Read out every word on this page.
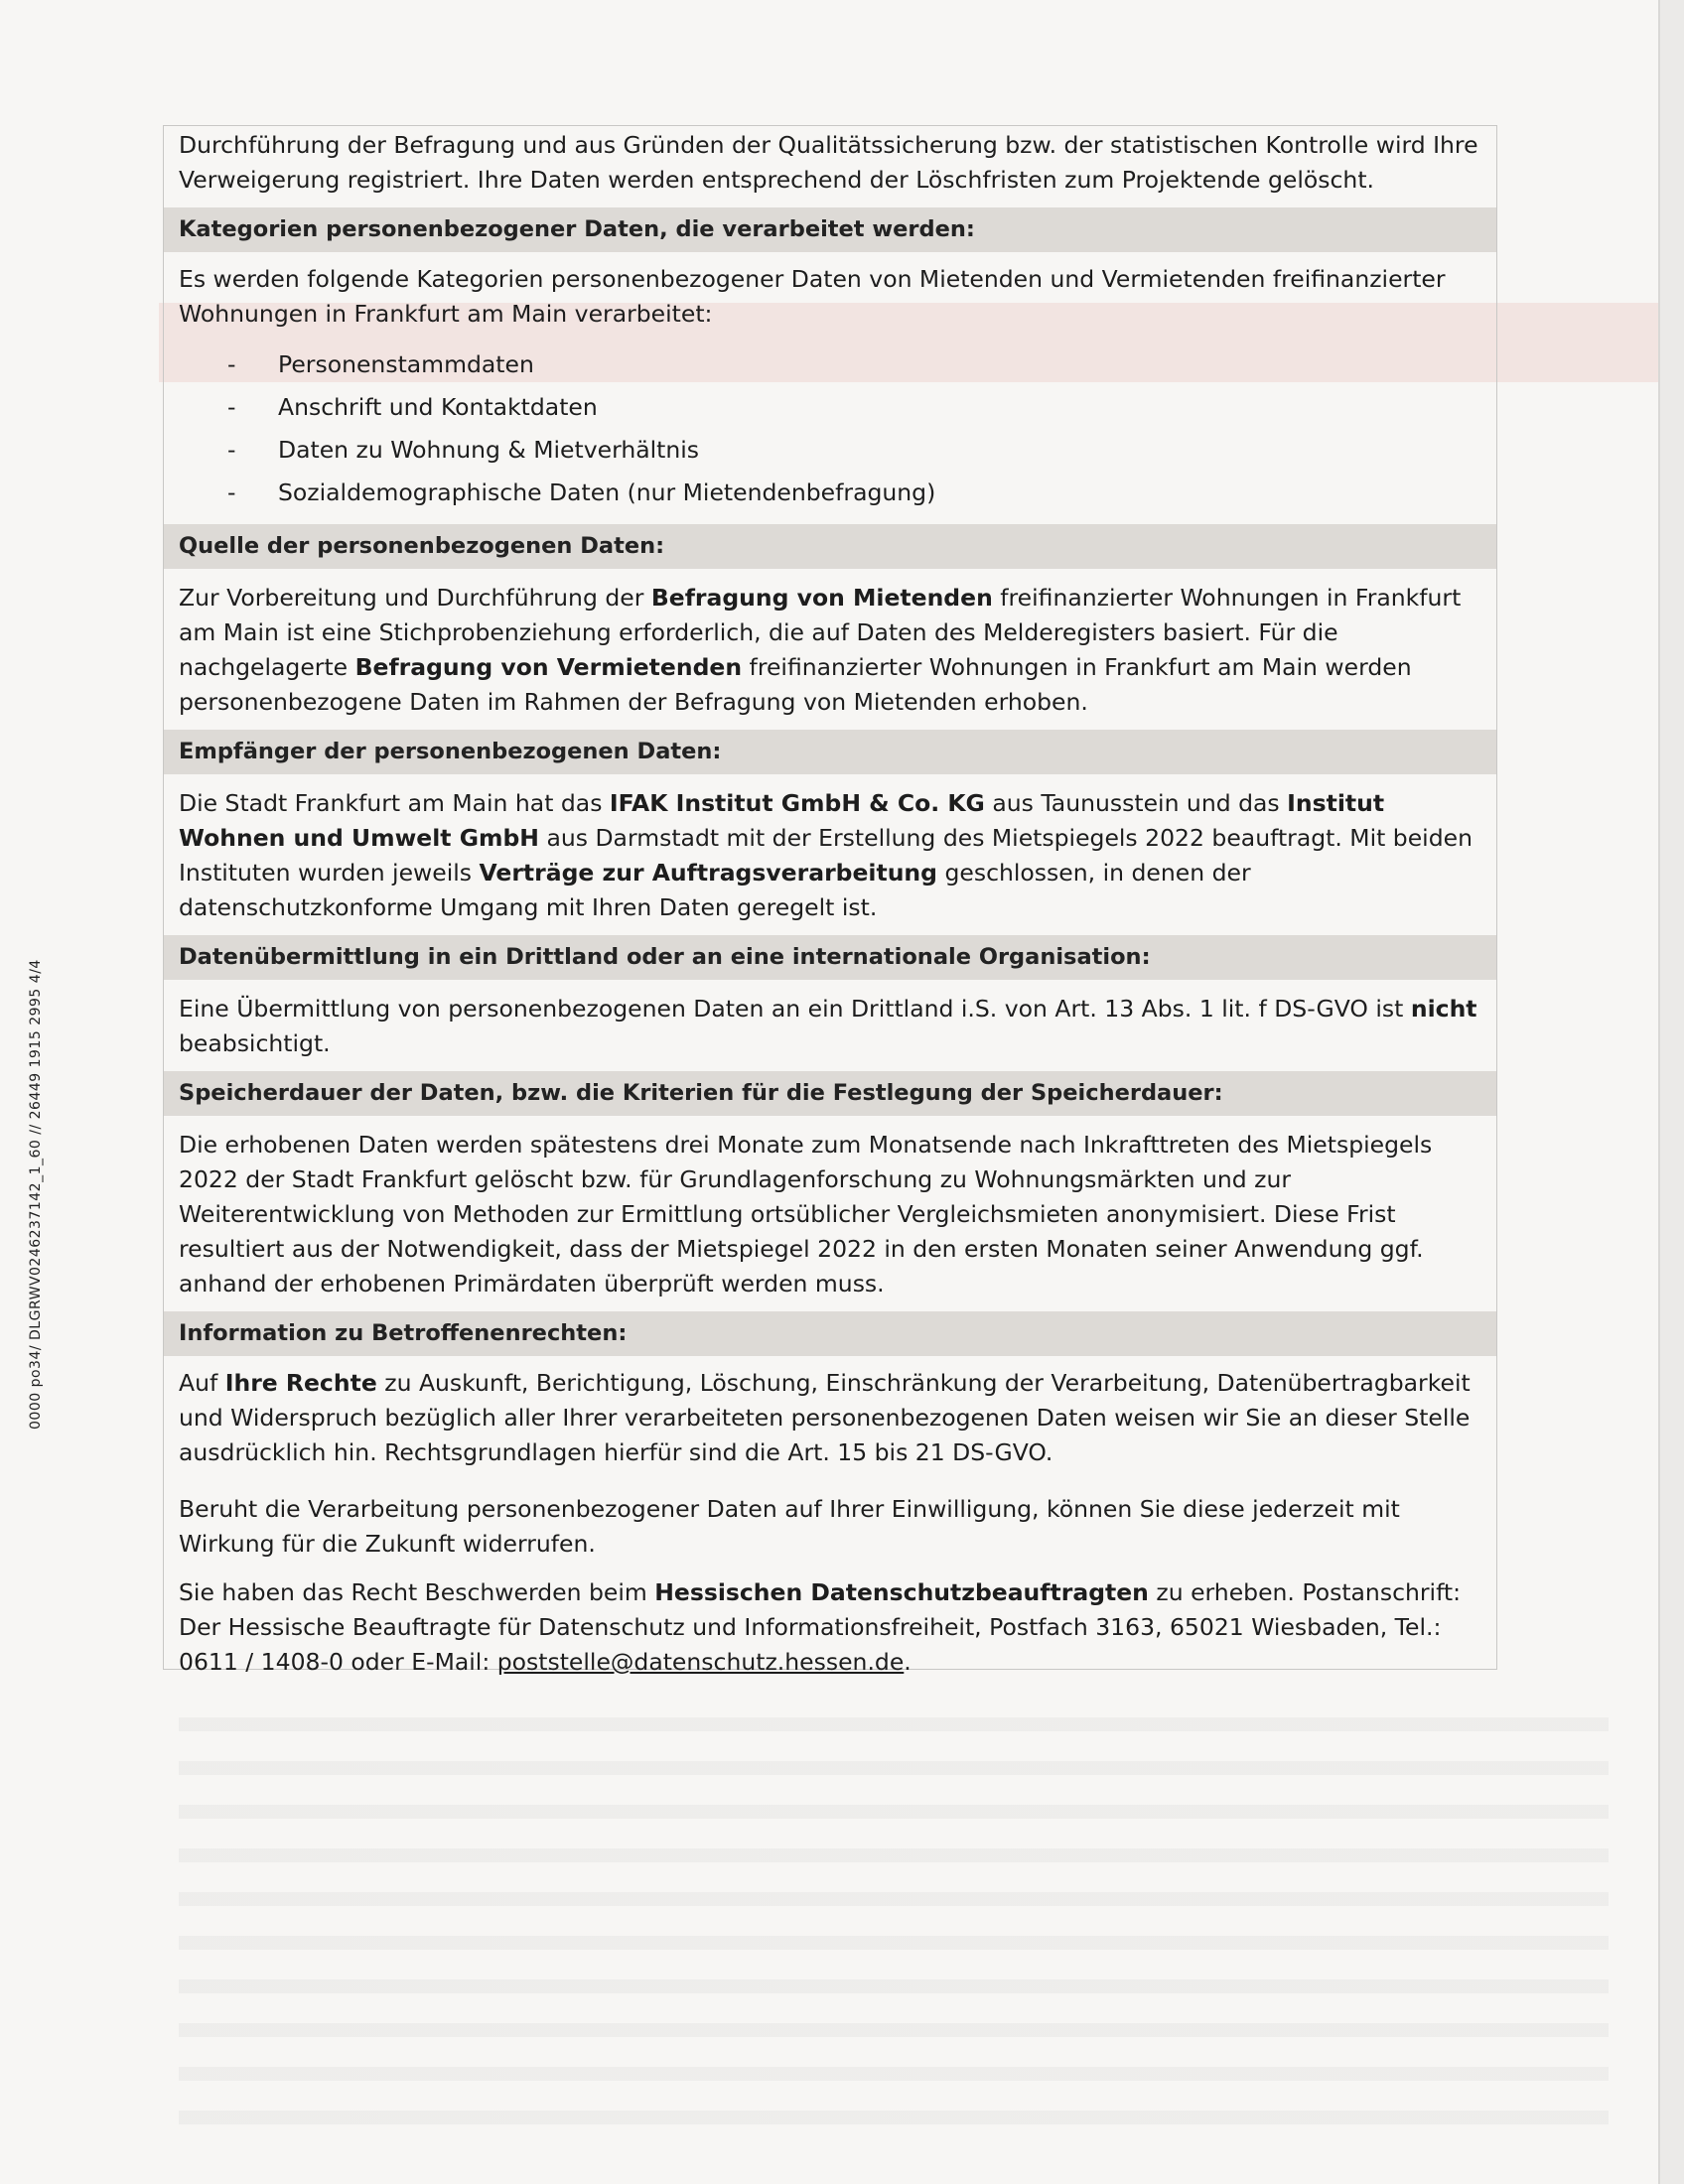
0000 po34/ DLGRWV0246237142_1_60 // 26449 1915 2995 4/4
Durchführung der Befragung und aus Gründen der Qualitätssicherung bzw. der statistischen Kontrolle wird Ihre Verweigerung registriert. Ihre Daten werden entsprechend der Löschfristen zum Projektende gelöscht.
Kategorien personenbezogener Daten, die verarbeitet werden:
Es werden folgende Kategorien personenbezogener Daten von Mietenden und Vermietenden freifinanzierter Wohnungen in Frankfurt am Main verarbeitet:
- Personenstammdaten
- Anschrift und Kontaktdaten
- Daten zu Wohnung & Mietverhältnis
- Sozialdemographische Daten (nur Mietendenbefragung)
Quelle der personenbezogenen Daten:
Zur Vorbereitung und Durchführung der Befragung von Mietenden freifinanzierter Wohnungen in Frankfurt am Main ist eine Stichprobenziehung erforderlich, die auf Daten des Melderegisters basiert. Für die nachgelagerte Befragung von Vermietenden freifinanzierter Wohnungen in Frankfurt am Main werden personenbezogene Daten im Rahmen der Befragung von Mietenden erhoben.
Empfänger der personenbezogenen Daten:
Die Stadt Frankfurt am Main hat das IFAK Institut GmbH & Co. KG aus Taunusstein und das Institut Wohnen und Umwelt GmbH aus Darmstadt mit der Erstellung des Mietspiegels 2022 beauftragt. Mit beiden Instituten wurden jeweils Verträge zur Auftragsverarbeitung geschlossen, in denen der datenschutzkonforme Umgang mit Ihren Daten geregelt ist.
Datenübermittlung in ein Drittland oder an eine internationale Organisation:
Eine Übermittlung von personenbezogenen Daten an ein Drittland i.S. von Art. 13 Abs. 1 lit. f DS-GVO ist nicht beabsichtigt.
Speicherdauer der Daten, bzw. die Kriterien für die Festlegung der Speicherdauer:
Die erhobenen Daten werden spätestens drei Monate zum Monatsende nach Inkrafttreten des Mietspiegels 2022 der Stadt Frankfurt gelöscht bzw. für Grundlagenforschung zu Wohnungsmärkten und zur Weiterentwicklung von Methoden zur Ermittlung ortsüblicher Vergleichsmieten anonymisiert. Diese Frist resultiert aus der Notwendigkeit, dass der Mietspiegel 2022 in den ersten Monaten seiner Anwendung ggf. anhand der erhobenen Primärdaten überprüft werden muss.
Information zu Betroffenenrechten:
Auf Ihre Rechte zu Auskunft, Berichtigung, Löschung, Einschränkung der Verarbeitung, Datenübertragbarkeit und Widerspruch bezüglich aller Ihrer verarbeiteten personenbezogenen Daten weisen wir Sie an dieser Stelle ausdrücklich hin. Rechtsgrundlagen hierfür sind die Art. 15 bis 21 DS-GVO.
Beruht die Verarbeitung personenbezogener Daten auf Ihrer Einwilligung, können Sie diese jederzeit mit Wirkung für die Zukunft widerrufen.
Sie haben das Recht Beschwerden beim Hessischen Datenschutzbeauftragten zu erheben. Postanschrift: Der Hessische Beauftragte für Datenschutz und Informationsfreiheit, Postfach 3163, 65021 Wiesbaden, Tel.: 0611 / 1408-0 oder E-Mail: poststelle@datenschutz.hessen.de.
